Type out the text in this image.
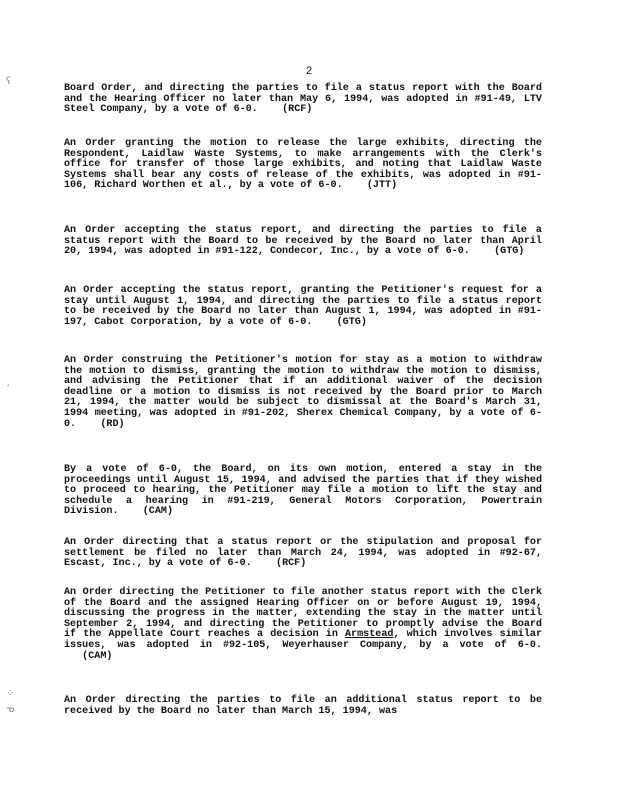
2
ʕ
˼
⁘
ᓀ

Board Order, and directing the parties to file a status report with the Board and the Hearing Officer no later than May 6, 1994, was adopted in #91-49, LTV Steel Company, by a vote of 6-0. (RCF)

An Order granting the motion to release the large exhibits, directing the Respondent, Laidlaw Waste Systems, to make arrangements with the Clerk's office for transfer of those large exhibits, and noting that Laidlaw Waste Systems shall bear any costs of release of the exhibits, was adopted in #91-106, Richard Worthen et al., by a vote of 6-0. (JTT)

An Order accepting the status report, and directing the parties to file a status report with the Board to be received by the Board no later than April 20, 1994, was adopted in #91-122, Condecor, Inc., by a vote of 6-0. (GTG)

An Order accepting the status report, granting the Petitioner's request for a stay until August 1, 1994, and directing the parties to file a status report to be received by the Board no later than August 1, 1994, was adopted in #91-197, Cabot Corporation, by a vote of 6-0. (GTG)

An Order construing the Petitioner's motion for stay as a motion to withdraw the motion to dismiss, granting the motion to withdraw the motion to dismiss, and advising the Petitioner that if an additional waiver of the decision deadline or a motion to dismiss is not received by the Board prior to March 21, 1994, the matter would be subject to dismissal at the Board's March 31, 1994 meeting, was adopted in #91-202, Sherex Chemical Company, by a vote of 6-0. (RD)

By a vote of 6-0, the Board, on its own motion, entered a stay in the proceedings until August 15, 1994, and advised the parties that if they wished to proceed to hearing, the Petitioner may file a motion to lift the stay and schedule a hearing in #91-219, General Motors Corporation, Powertrain Division. (CAM)

An Order directing that a status report or the stipulation and proposal for settlement be filed no later than March 24, 1994, was adopted in #92-67, Escast, Inc., by a vote of 6-0. (RCF)

An Order directing the Petitioner to file another status report with the Clerk of the Board and the assigned Hearing Officer on or before August 19, 1994, discussing the progress in the matter, extending the stay in the matter until September 2, 1994, and directing the Petitioner to promptly advise the Board if the Appellate Court reaches a decision in Armstead, which involves similar issues, was adopted in #92-105, Weyerhauser Company, by a vote of 6-0.    (CAM)

An Order directing the parties to file an additional status report to be received by the Board no later than March 15, 1994, was
